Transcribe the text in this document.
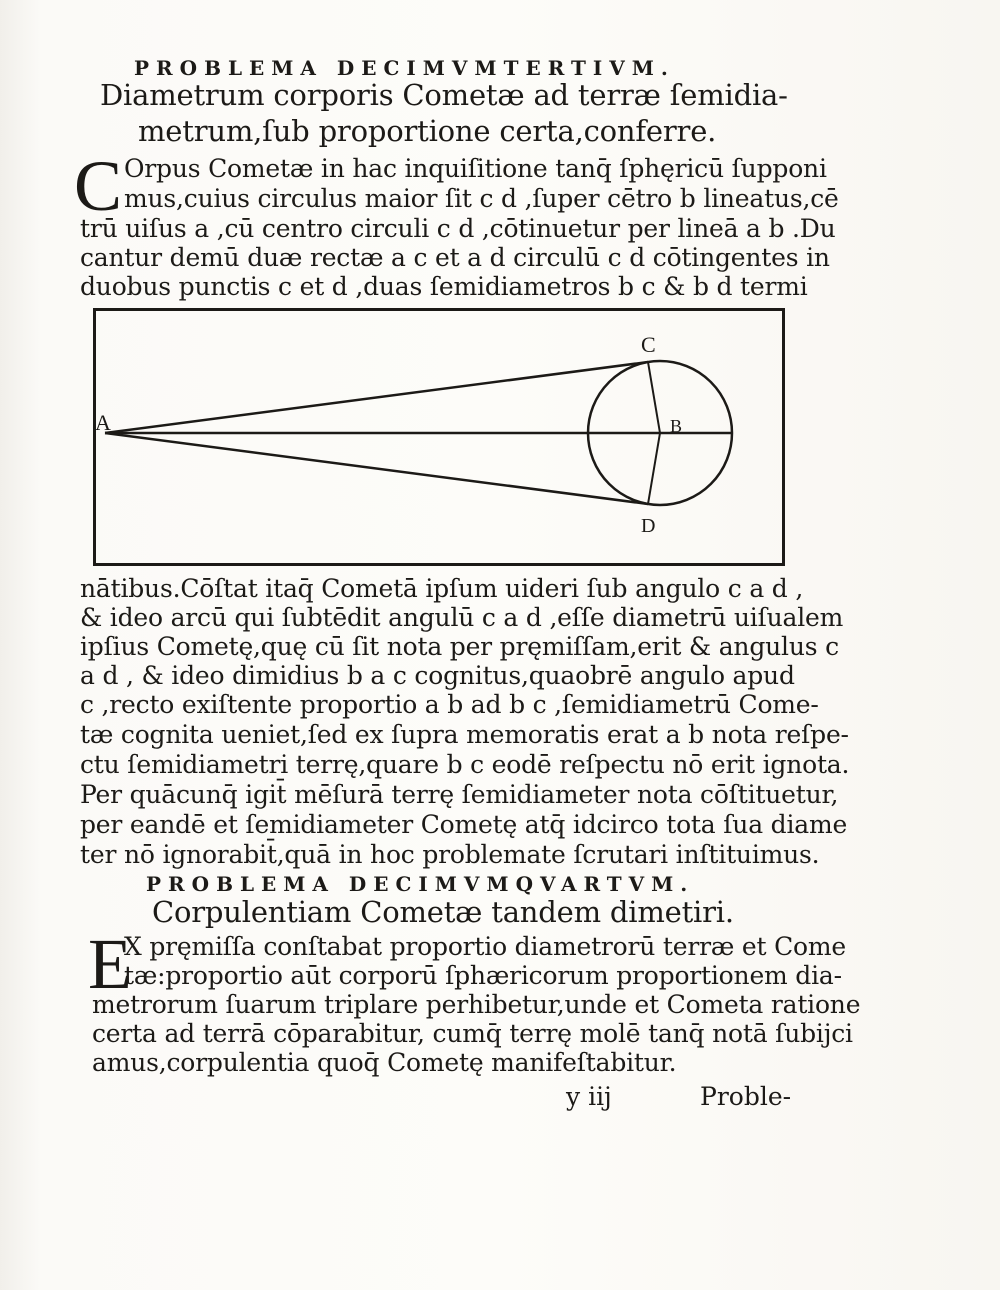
PROBLEMA DECIMVMTERTIVM.
Diametrum corporis Cometæ ad terræ ſemidia-
metrum,ſub proportione certa,conferre.
C Orpus Cometæ in hac inquiſitione tanq̄ ſphęricū ſupponi
mus,cuius circulus maior ſit c d ,ſuper cētro b lineatus,cē
trū uiſus a ,cū centro circuli c d ,cōtinuetur per lineā a b .Du
cantur demū duæ rectæ a c et a d circulū c d cōtingentes in
duobus punctis c et d ,duas ſemidiametros b c & b d termi
A	B
C
D
nātibus.Cōſtat itaq̄ Cometā ipſum uideri ſub angulo c a d ,
& ideo arcū qui ſubtēdit angulū c a d ,eſſe diametrū uiſualem
ipſius Cometę,quę cū ſit nota per pręmiſſam,erit & angulus c
a d , & ideo dimidius b a c cognitus,quaobrē angulo apud
c ,recto exiſtente proportio a b ad b c ,ſemidiametrū Come-
tæ cognita ueniet,ſed ex ſupra memoratis erat a b nota reſpe-
ctu ſemidiametri terrę,quare b c eodē reſpectu nō erit ignota.
Per quācunq̄ igit̄ mēſurā terrę ſemidiameter nota cōſtituetur,
per eandē et ſemidiameter Cometę atq̄ idcirco tota ſua diame
ter nō ignorabit̄,quā in hoc problemate ſcrutari inſtituimus.
PROBLEMA DECIMVMQVARTVM.
Corpulentiam Cometæ tandem dimetiri.
E
X pręmiſſa conſtabat proportio diametrorū terræ et Come
tæ:proportio aūt corporū ſphæricorum proportionem dia-
metrorum ſuarum triplare perhibetur,unde et Cometa ratione
certa ad terrā cōparabitur, cumq̄ terrę molē tanq̄ notā ſubijci
amus,corpulentia quoq̄ Cometę manifeſtabitur.
y iij	Proble-
